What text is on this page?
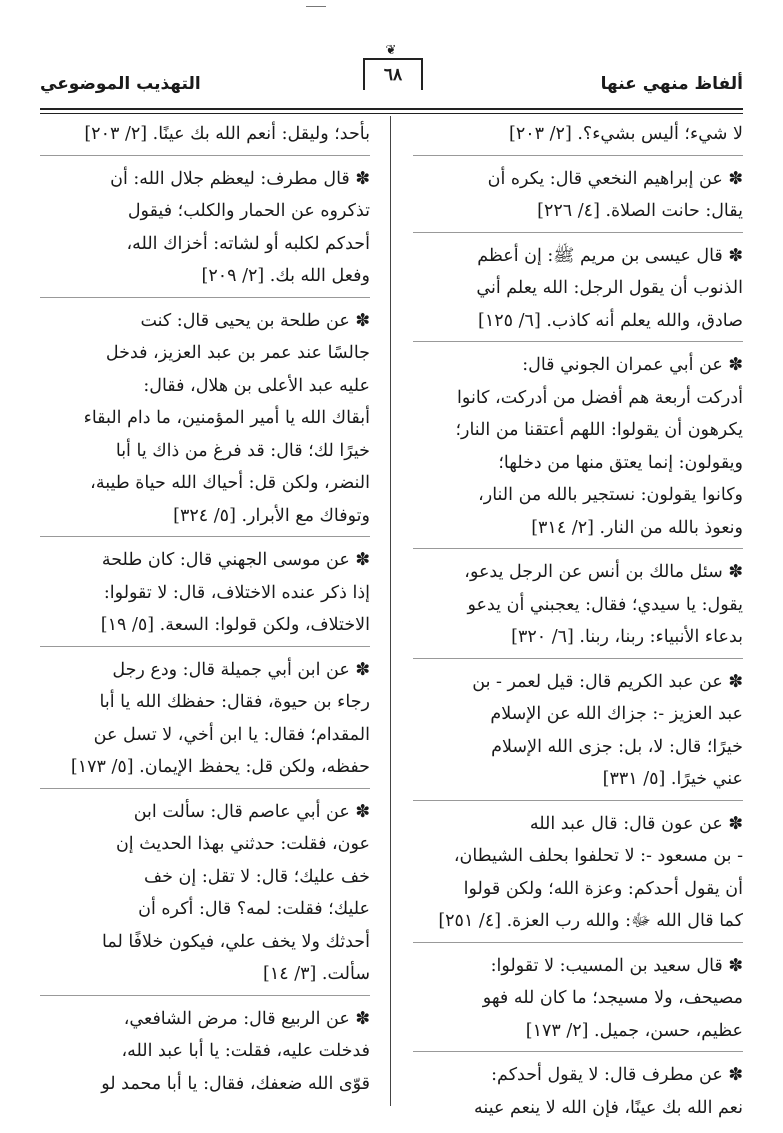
ألفاظ منهي عنها
❦
٦٨
التهذيب الموضوعي
لا شيء؛ أليس بشيء؟. [٢/ ٢٠٣]
✽ عن إبراهيم النخعي قال: يكره أن
يقال: حانت الصلاة. [٤/ ٢٢٦]
✽ قال عيسى بن مريم ﷺ: إن أعظم
الذنوب أن يقول الرجل: الله يعلم أني
صادق، والله يعلم أنه كاذب. [٦/ ١٢٥]
✽ عن أبي عمران الجوني قال:
أدركت أربعة هم أفضل من أدركت، كانوا
يكرهون أن يقولوا: اللهم أعتقنا من النار؛
ويقولون: إنما يعتق منها من دخلها؛
وكانوا يقولون: نستجير بالله من النار،
ونعوذ بالله من النار. [٢/ ٣١٤]
✽ سئل مالك بن أنس عن الرجل يدعو،
يقول: يا سيدي؛ فقال: يعجبني أن يدعو
بدعاء الأنبياء: ربنا، ربنا. [٦/ ٣٢٠]
✽ عن عبد الكريم قال: قيل لعمر - بن
عبد العزيز -: جزاك الله عن الإسلام
خيرًا؛ قال: لا، بل: جزى الله الإسلام
عني خيرًا. [٥/ ٣٣١]
✽ عن عون قال: قال عبد الله
- بن مسعود -: لا تحلفوا بحلف الشيطان،
أن يقول أحدكم: وعزة الله؛ ولكن قولوا
كما قال الله ﷻ: والله رب العزة. [٤/ ٢٥١]
✽ قال سعيد بن المسيب: لا تقولوا:
مصيحف، ولا مسيجد؛ ما كان لله فهو
عظيم، حسن، جميل. [٢/ ١٧٣]
✽ عن مطرف قال: لا يقول أحدكم:
نعم الله بك عينًا، فإن الله لا ينعم عينه
بأحد؛ وليقل: أنعم الله بك عينًا. [٢/ ٢٠٣]
✽ قال مطرف: ليعظم جلال الله: أن
تذكروه عن الحمار والكلب؛ فيقول
أحدكم لكلبه أو لشاته: أخزاك الله،
وفعل الله بك. [٢/ ٢٠٩]
✽ عن طلحة بن يحيى قال: كنت
جالسًا عند عمر بن عبد العزيز، فدخل
عليه عبد الأعلى بن هلال، فقال:
أبقاك الله يا أمير المؤمنين، ما دام البقاء
خيرًا لك؛ قال: قد فرغ من ذاك يا أبا
النضر، ولكن قل: أحياك الله حياة طيبة،
وتوفاك مع الأبرار. [٥/ ٣٢٤]
✽ عن موسى الجهني قال: كان طلحة
إذا ذكر عنده الاختلاف، قال: لا تقولوا:
الاختلاف، ولكن قولوا: السعة. [٥/ ١٩]
✽ عن ابن أبي جميلة قال: ودع رجل
رجاء بن حيوة، فقال: حفظك الله يا أبا
المقدام؛ فقال: يا ابن أخي، لا تسل عن
حفظه، ولكن قل: يحفظ الإيمان. [٥/ ١٧٣]
✽ عن أبي عاصم قال: سألت ابن
عون، فقلت: حدثني بهذا الحديث إن
خف عليك؛ قال: لا تقل: إن خف
عليك؛ فقلت: لمه؟ قال: أكره أن
أحدثك ولا يخف علي، فيكون خلافًا لما
سألت. [٣/ ١٤]
✽ عن الربيع قال: مرض الشافعي،
فدخلت عليه، فقلت: يا أبا عبد الله،
قوّى الله ضعفك، فقال: يا أبا محمد لو
